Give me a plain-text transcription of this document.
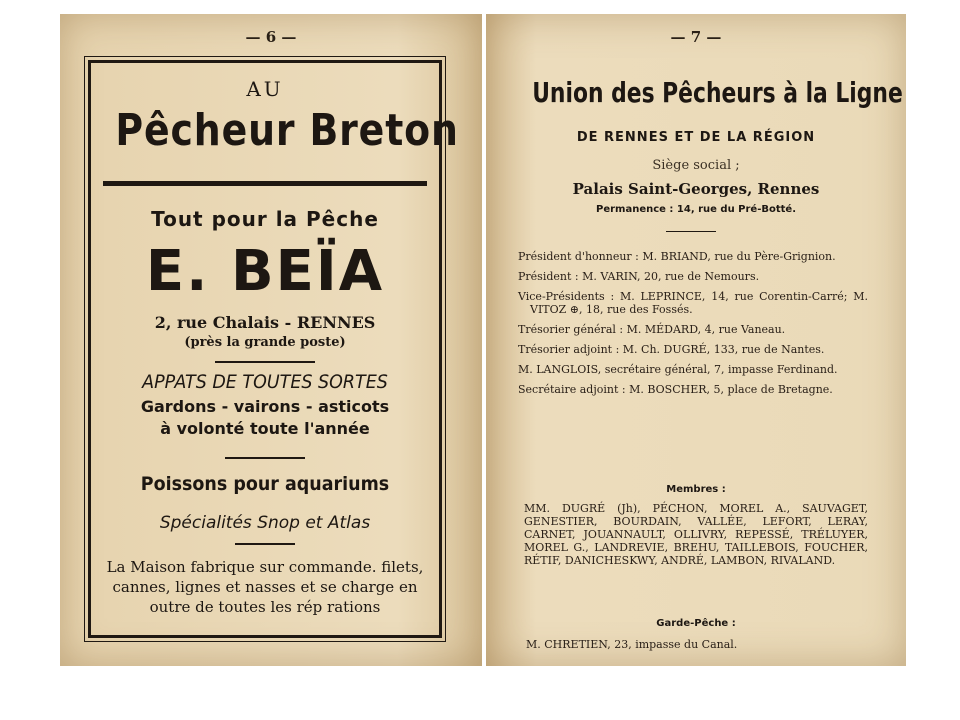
— 6 —
AU
Pêcheur Breton
Tout pour la Pêche
E. BEÏA
2, rue Chalais - RENNES
(près la grande poste)
APPATS DE TOUTES SORTES
Gardons - vairons - asticots
à volonté toute l'année
Poissons pour aquariums
Spécialités Snop et Atlas
La Maison fabrique sur commande. filets, cannes, lignes et nasses et se charge en outre de toutes les rép rations
— 7 —
Union des Pêcheurs à la Ligne
DE RENNES ET DE LA RÉGION
Siège social ;
Palais Saint-Georges, Rennes
Permanence : 14, rue du Pré-Botté.
Président d'honneur : M. BRIAND, rue du Père-Grignion.
Président : M. VARIN, 20, rue de Nemours.
Vice-Présidents : M. LEPRINCE, 14, rue Corentin-Carré; M. VITOZ ⊕, 18, rue des Fossés.
Trésorier général : M. MÉDARD, 4, rue Vaneau.
Trésorier adjoint : M. Ch. DUGRÉ, 133, rue de Nantes.
M. LANGLOIS, secrétaire général, 7, impasse Ferdinand.
Secrétaire adjoint : M. BOSCHER, 5, place de Bretagne.
Membres :
MM. DUGRÉ (Jh), PÉCHON, MOREL A., SAUVAGET, GENESTIER, BOURDAIN, VALLÉE, LEFORT, LERAY, CARNET, JOUANNAULT, OLLIVRY, REPESSÉ, TRÉLUYER, MOREL G., LANDREVIE, BREHU, TAILLEBOIS, FOUCHER, RÉTIF, DANICHESKWY, ANDRÉ, LAMBON, RIVALAND.
Garde-Pêche :
M. CHRETIEN, 23, impasse du Canal.
